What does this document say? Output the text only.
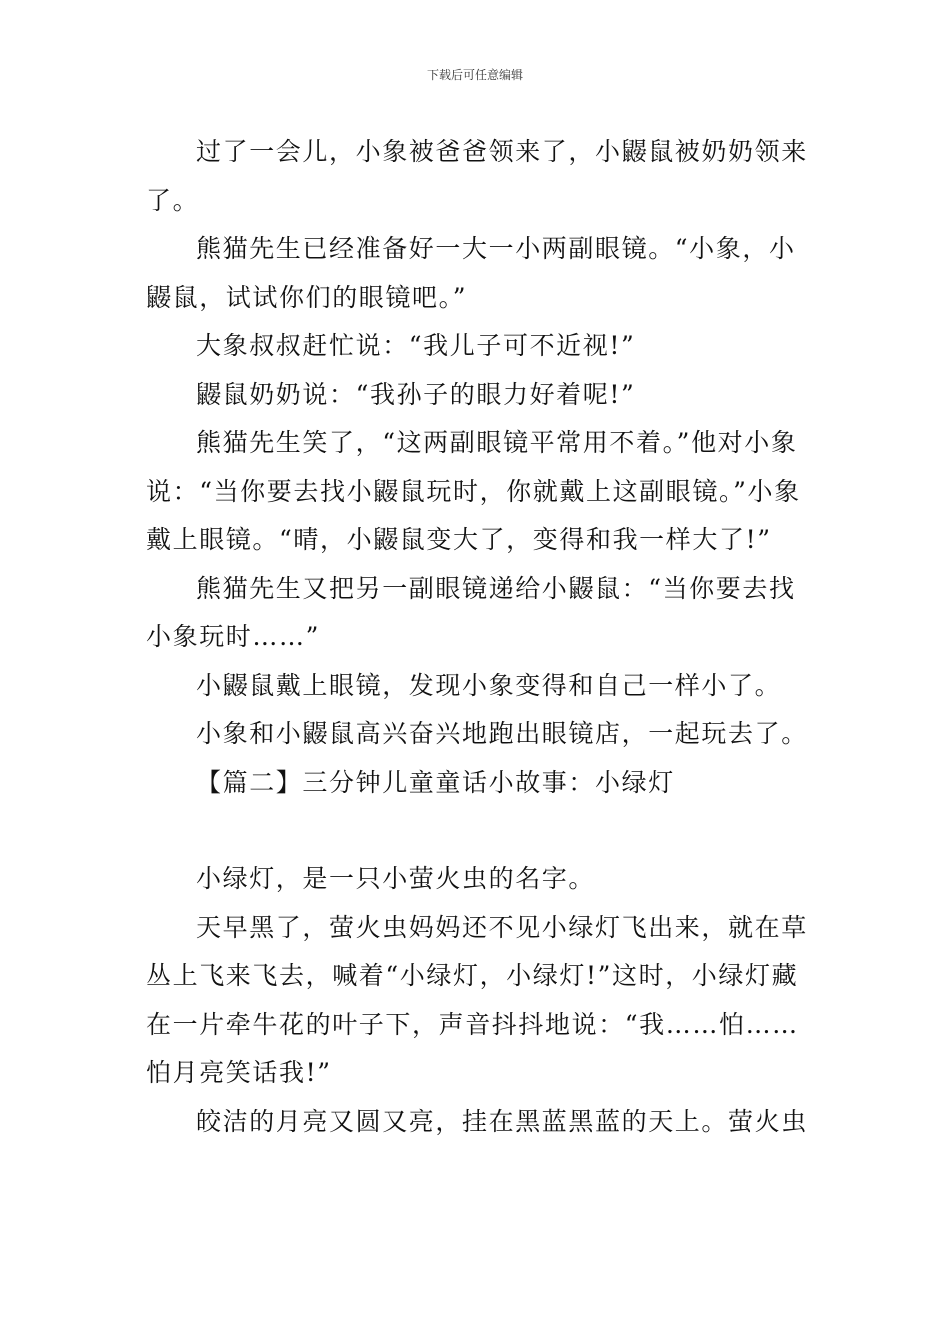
下载后可任意编辑

过了一会儿，小象被爸爸领来了，小鼹鼠被奶奶领来了。

熊猫先生已经准备好一大一小两副眼镜。“小象，小鼹鼠，试试你们的眼镜吧。”

大象叔叔赶忙说：“我儿子可不近视!”

鼹鼠奶奶说：“我孙子的眼力好着呢!”

熊猫先生笑了，“这两副眼镜平常用不着。”他对小象说：“当你要去找小鼹鼠玩时，你就戴上这副眼镜。”小象戴上眼镜。“晴，小鼹鼠变大了，变得和我一样大了!”

熊猫先生又把另一副眼镜递给小鼹鼠：“当你要去找小象玩时……”

小鼹鼠戴上眼镜，发现小象变得和自己一样小了。

小象和小鼹鼠高兴奋兴地跑出眼镜店，一起玩去了。

【篇二】三分钟儿童童话小故事：小绿灯

小绿灯，是一只小萤火虫的名字。

天早黑了，萤火虫妈妈还不见小绿灯飞出来，就在草丛上飞来飞去，喊着“小绿灯，小绿灯!”这时，小绿灯藏在一片牵牛花的叶子下，声音抖抖地说：“我……怕……怕月亮笑话我!”

皎洁的月亮又圆又亮，挂在黑蓝黑蓝的天上。萤火虫
